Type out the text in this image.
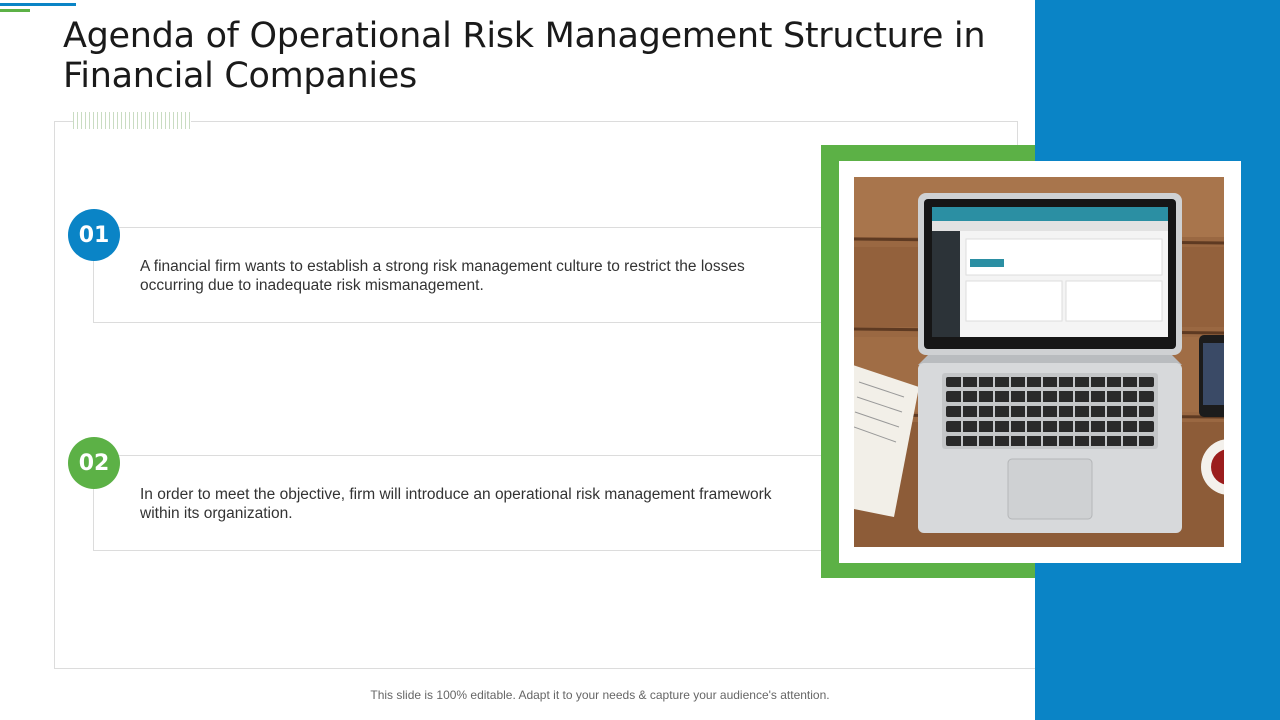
Agenda of Operational Risk Management Structure in Financial Companies
01

A financial firm wants to establish a strong risk management culture to restrict the losses occurring due to inadequate risk mismanagement.

02

In order to meet the objective, firm will introduce an operational risk management framework within its organization.

This slide is 100% editable. Adapt it to your needs & capture your audience's attention.
